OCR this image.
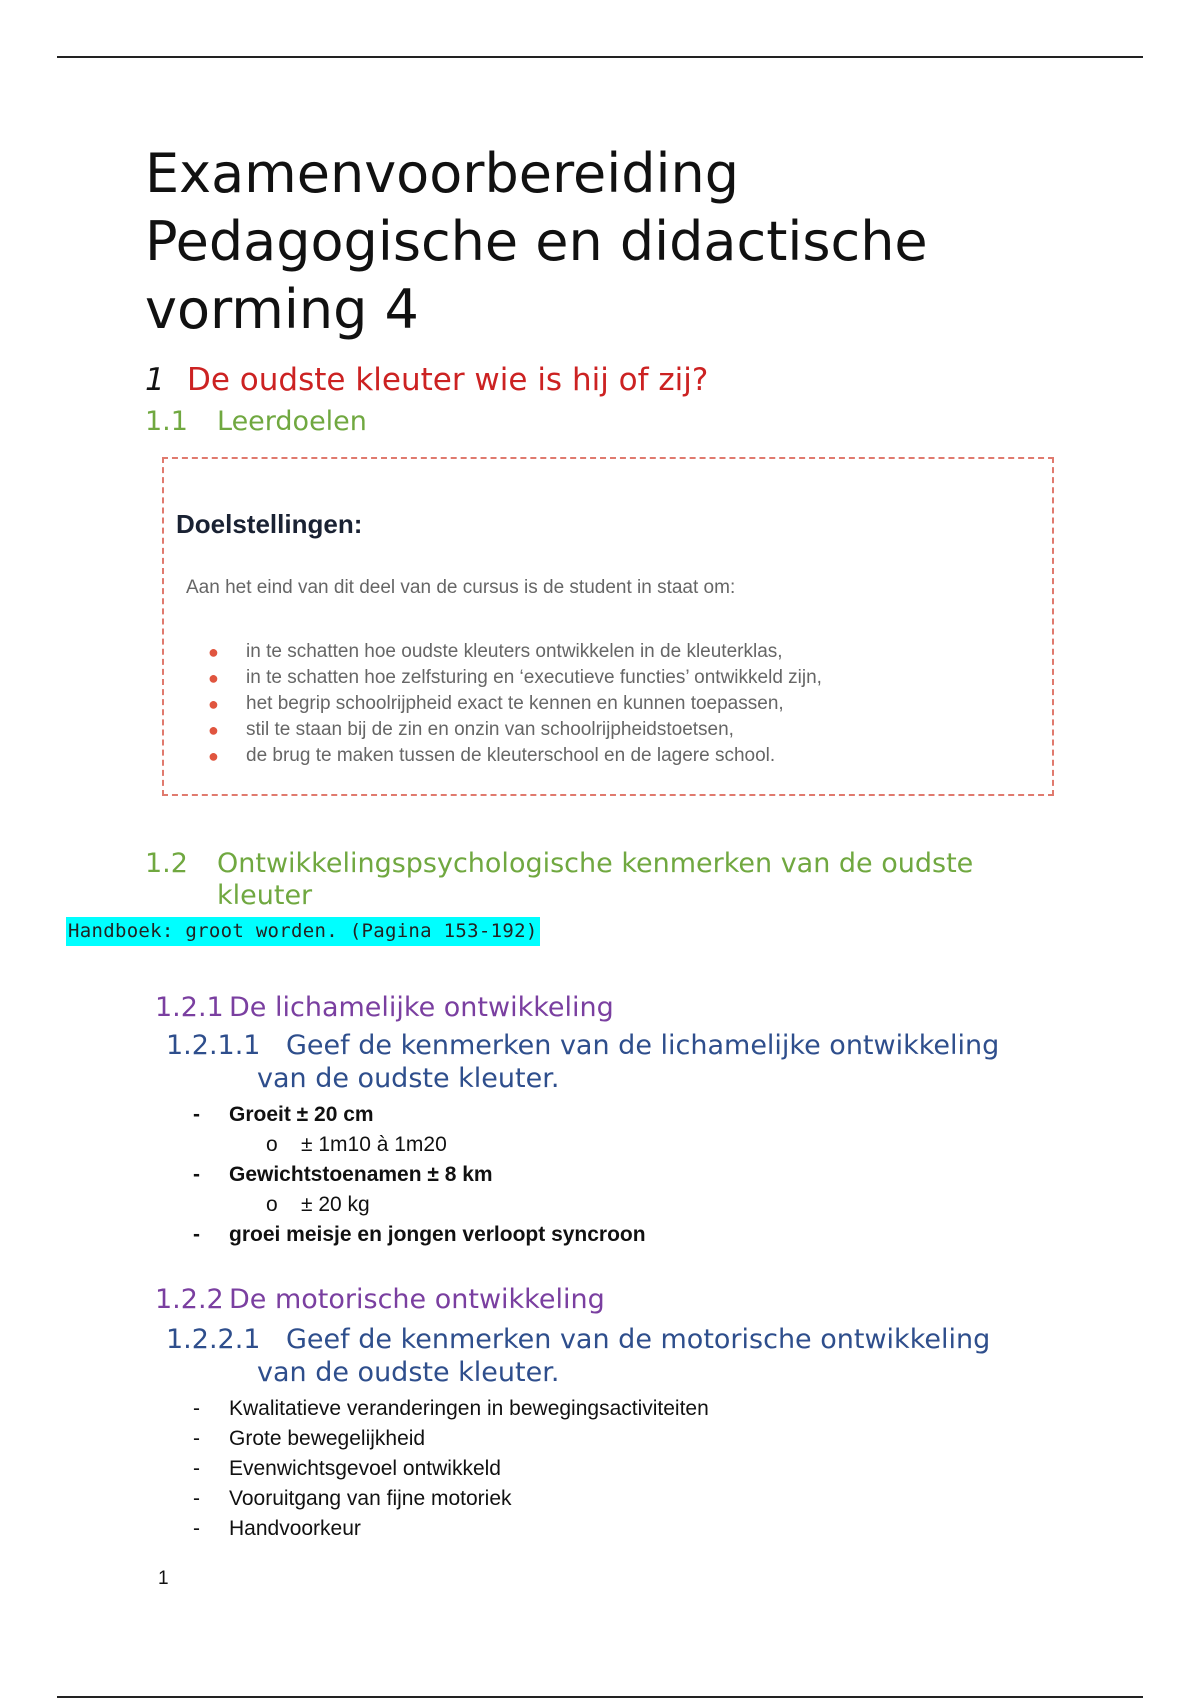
Examenvoorbereiding
Pedagogische en didactische
vorming 4
1 De oudste kleuter wie is hij of zij?
1.1 Leerdoelen
Doelstellingen:
Aan het eind van dit deel van de cursus is de student in staat om:
● in te schatten hoe oudste kleuters ontwikkelen in de kleuterklas,
● in te schatten hoe zelfsturing en ‘executieve functies’ ontwikkeld zijn,
● het begrip schoolrijpheid exact te kennen en kunnen toepassen,
● stil te staan bij de zin en onzin van schoolrijpheidstoetsen,
● de brug te maken tussen de kleuterschool en de lagere school.
1.2 Ontwikkelingspsychologische kenmerken van de oudste
kleuter
Handboek: groot worden. (Pagina 153-192)
1.2.1 De lichamelijke ontwikkeling
1.2.1.1 Geef de kenmerken van de lichamelijke ontwikkeling
van de oudste kleuter.
- Groeit ± 20 cm
o ± 1m10 à 1m20
- Gewichtstoenamen ± 8 km
o ± 20 kg
- groei meisje en jongen verloopt syncroon
1.2.2 De motorische ontwikkeling
1.2.2.1 Geef de kenmerken van de motorische ontwikkeling
van de oudste kleuter.
- Kwalitatieve veranderingen in bewegingsactiviteiten
- Grote bewegelijkheid
- Evenwichtsgevoel ontwikkeld
- Vooruitgang van fijne motoriek
- Handvoorkeur
1
